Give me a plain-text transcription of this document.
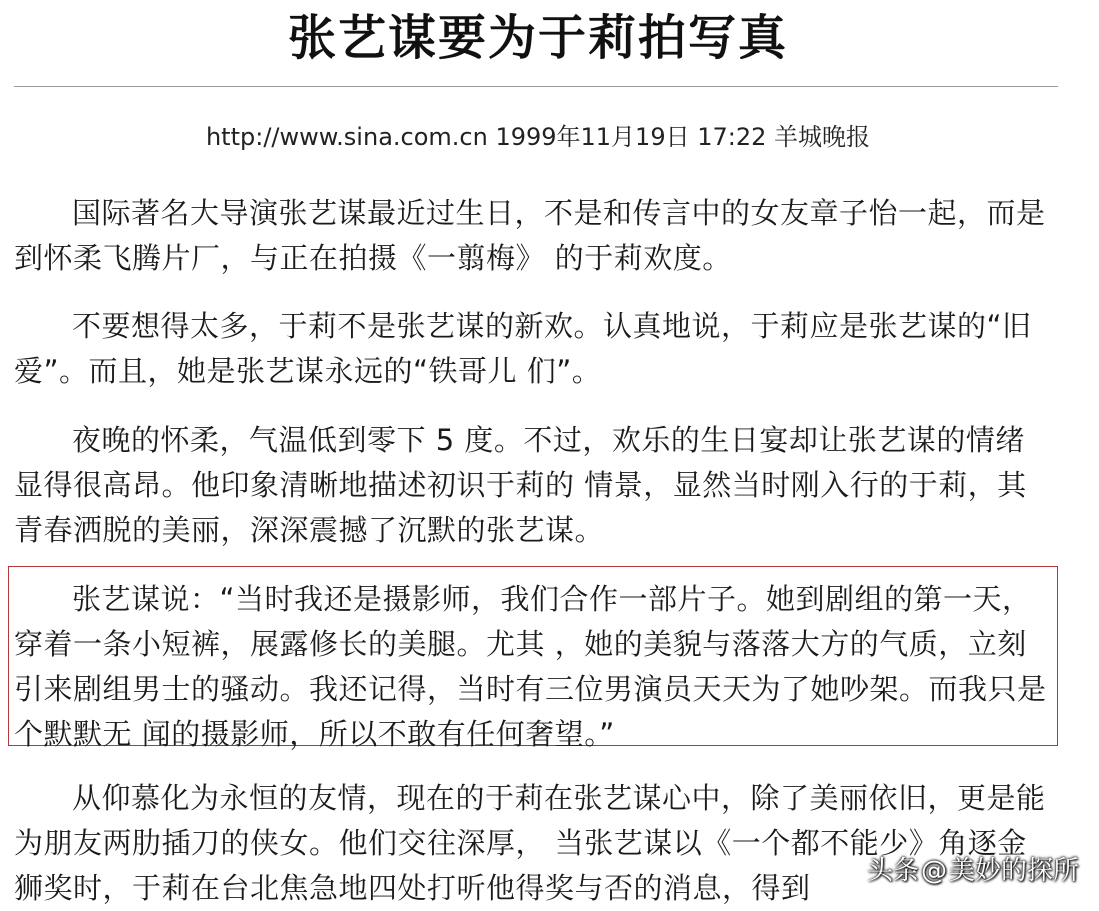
张艺谋要为于莉拍写真
http://www.sina.com.cn 1999年11月19日 17:22 羊城晚报

国际著名大导演张艺谋最近过生日，不是和传言中的女友章子怡一起，而是到怀柔飞腾片厂，与正在拍摄《一翦梅》 的于莉欢度。

不要想得太多，于莉不是张艺谋的新欢。认真地说，于莉应是张艺谋的“旧爱”。而且，她是张艺谋永远的“铁哥儿 们”。

夜晚的怀柔，气温低到零下 5 度。不过，欢乐的生日宴却让张艺谋的情绪显得很高昂。他印象清晰地描述初识于莉的 情景，显然当时刚入行的于莉，其青春洒脱的美丽，深深震撼了沉默的张艺谋。

张艺谋说：“当时我还是摄影师，我们合作一部片子。她到剧组的第一天，穿着一条小短裤，展露修长的美腿。尤其 ，她的美貌与落落大方的气质，立刻引来剧组男士的骚动。我还记得，当时有三位男演员天天为了她吵架。而我只是个默默无 闻的摄影师，所以不敢有任何奢望。”

从仰慕化为永恒的友情，现在的于莉在张艺谋心中，除了美丽依旧，更是能为朋友两肋插刀的侠女。他们交往深厚， 当张艺谋以《一个都不能少》角逐金狮奖时，于莉在台北焦急地四处打听他得奖与否的消息，得到	头条@美妙的探所
